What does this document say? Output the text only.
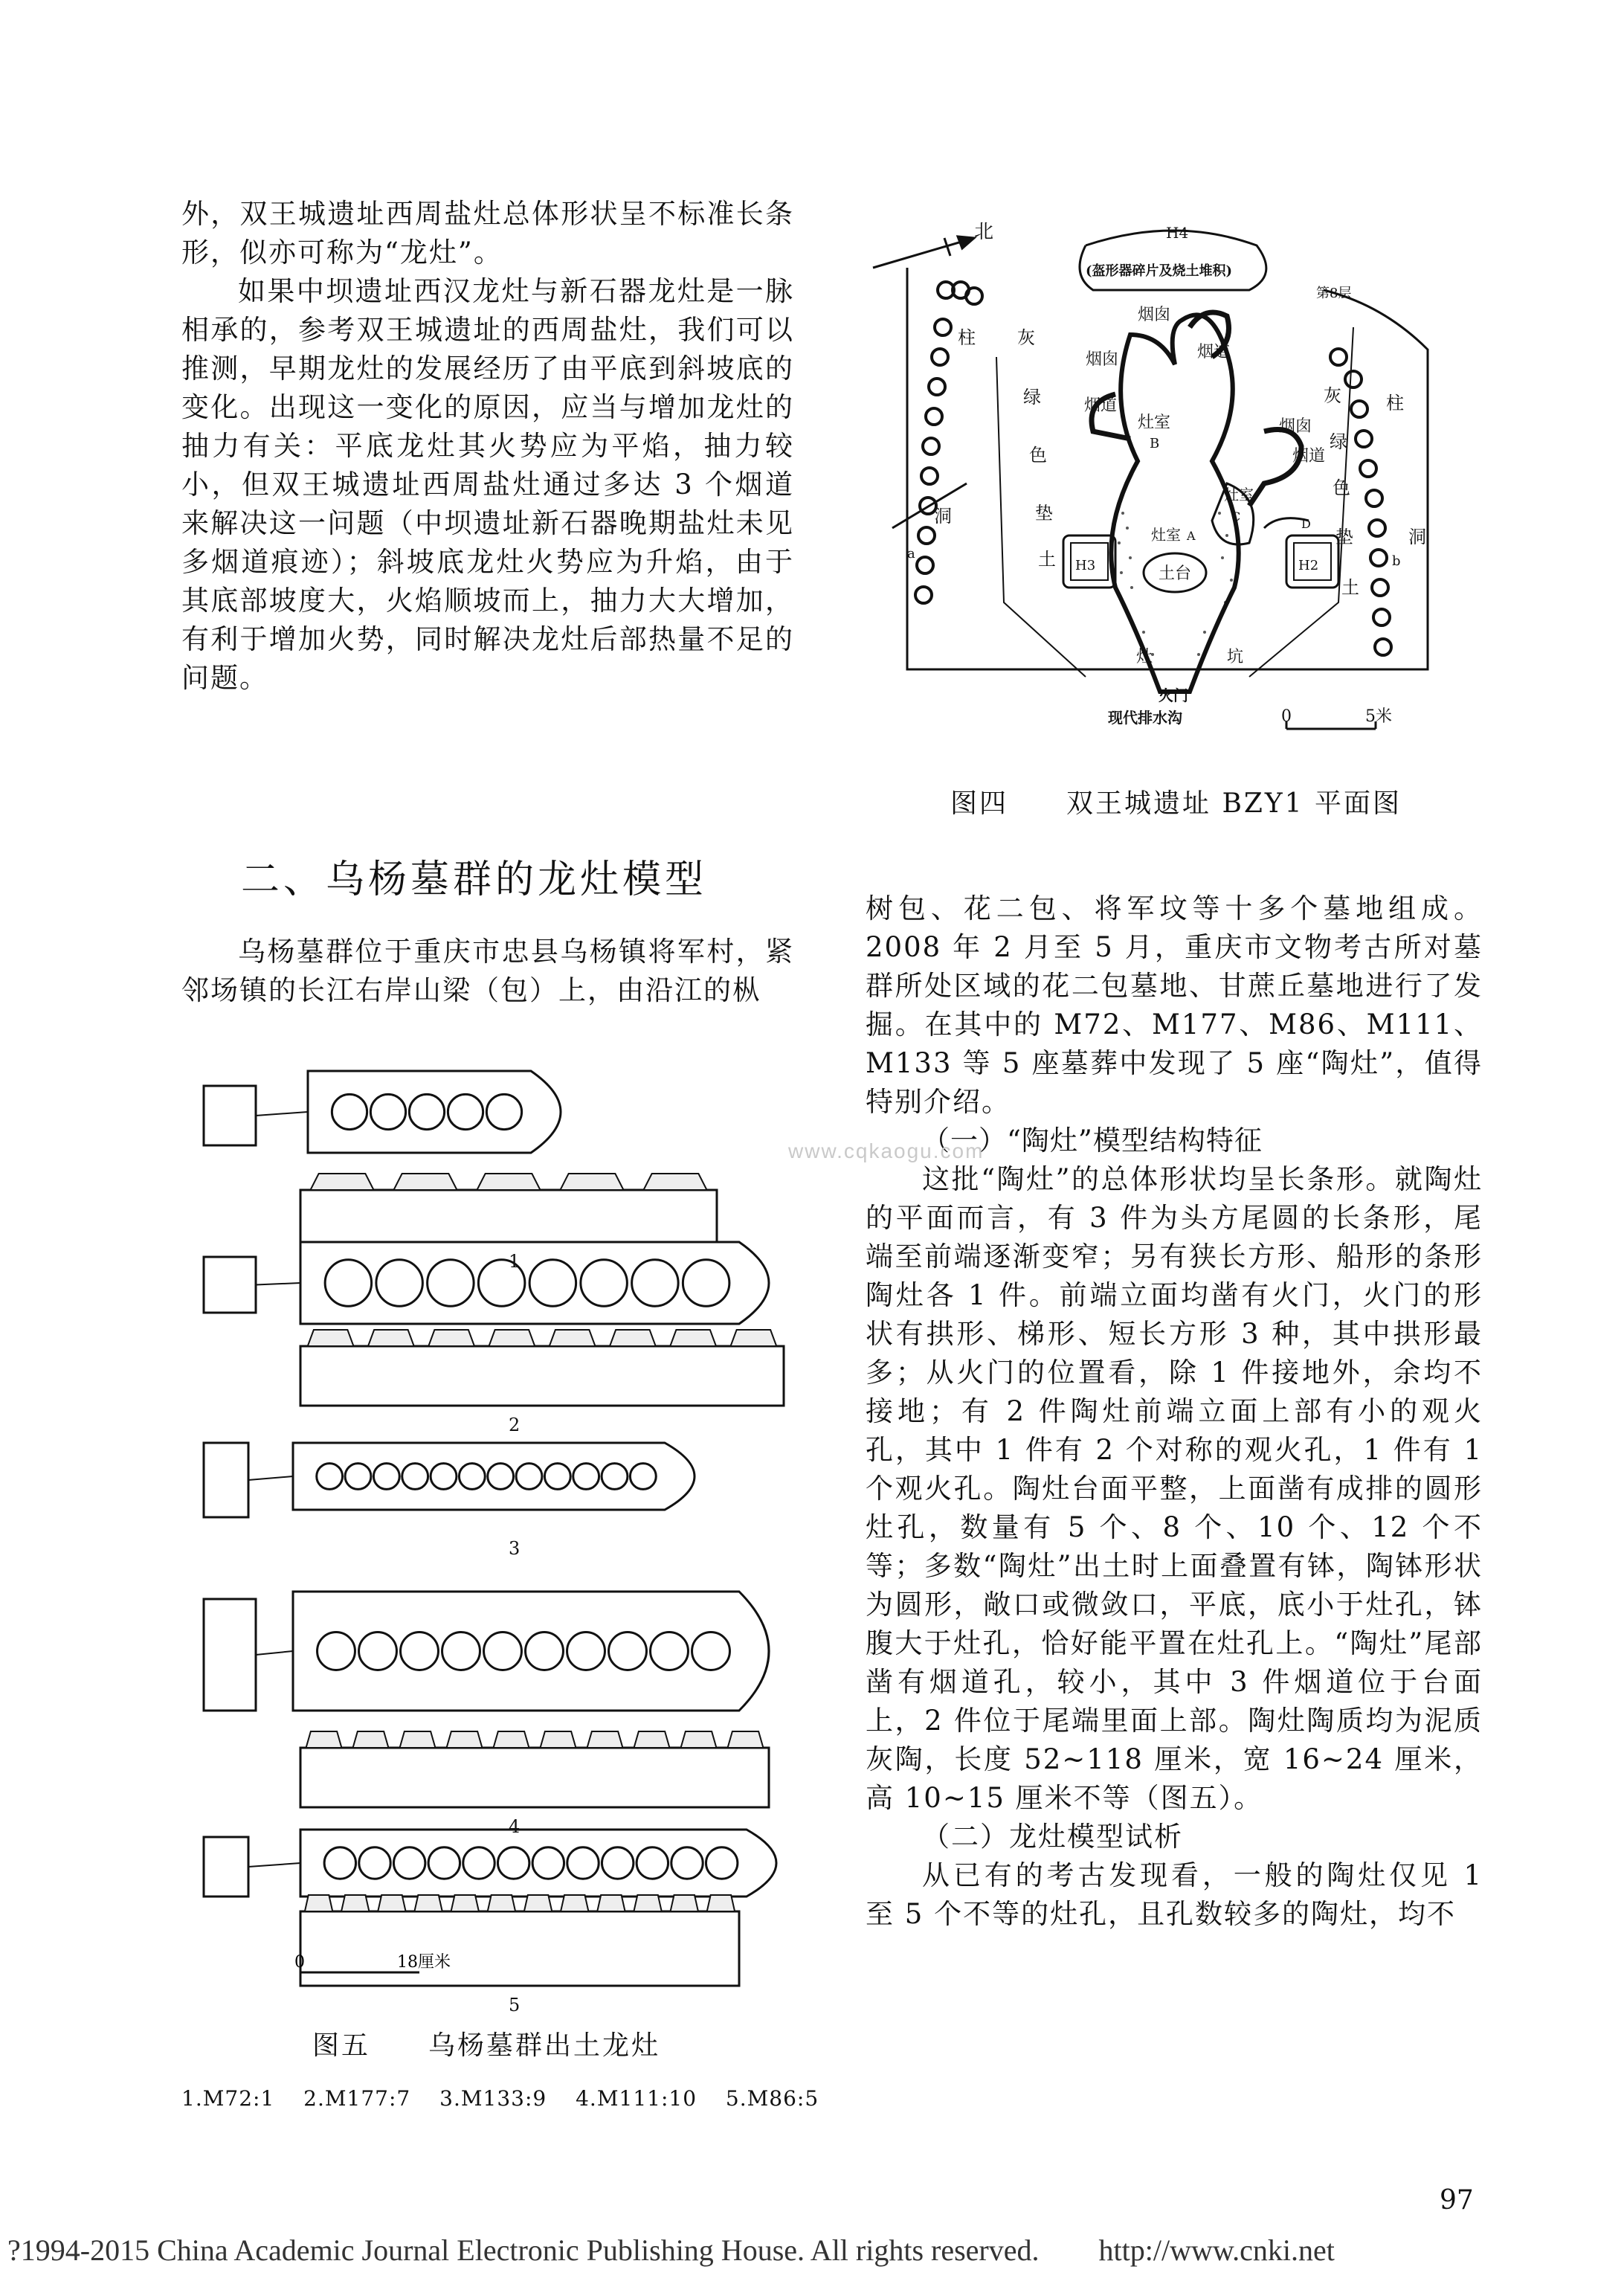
外，双王城遗址西周盐灶总体形状呈不标准长条形，似亦可称为“龙灶”。

如果中坝遗址西汉龙灶与新石器龙灶是一脉相承的，参考双王城遗址的西周盐灶，我们可以推测，早期龙灶的发展经历了由平底到斜坡底的变化。出现这一变化的原因，应当与增加龙灶的抽力有关：平底龙灶其火势应为平焰，抽力较小，但双王城遗址西周盐灶通过多达 3 个烟道来解决这一问题（中坝遗址新石器晚期盐灶未见多烟道痕迹）；斜坡底龙灶火势应为升焰，由于其底部坡度大，火焰顺坡而上，抽力大大增加，有利于增加火势，同时解决龙灶后部热量不足的问题。

二、乌杨墓群的龙灶模型

乌杨墓群位于重庆市忠县乌杨镇将军村，紧邻场镇的长江右岸山梁（包）上，由沿江的枞

北	H4
(盔形器碎片及烧土堆积)
第8层
烟囱
烟囱	烟道
烟道
灶室
B
烟囱
烟道
灶室
C
D
灶室 A
土台
H3	H2
灶	坑
火门
现代排水沟
a	b
0	5米
柱
洞
灰
绿
色
垫
土
灰
绿
色
垫
土
柱
洞
图四　　双王城遗址 BZY1 平面图

树包、花二包、将军坟等十多个墓地组成。2008 年 2 月至 5 月，重庆市文物考古所对墓群所处区域的花二包墓地、甘蔗丘墓地进行了发掘。在其中的 M72、M177、M86、M111、M133 等 5 座墓葬中发现了 5 座“陶灶”，值得特别介绍。

（一）“陶灶”模型结构特征

这批“陶灶”的总体形状均呈长条形。就陶灶的平面而言，有 3 件为头方尾圆的长条形，尾端至前端逐渐变窄；另有狭长方形、船形的条形陶灶各 1 件。前端立面均凿有火门，火门的形状有拱形、梯形、短长方形 3 种，其中拱形最多；从火门的位置看，除 1 件接地外，余均不接地；有 2 件陶灶前端立面上部有小的观火孔，其中 1 件有 2 个对称的观火孔，1 件有 1 个观火孔。陶灶台面平整，上面凿有成排的圆形灶孔，数量有 5 个、8 个、10 个、12 个不等；多数“陶灶”出土时上面叠置有钵，陶钵形状为圆形，敞口或微敛口，平底，底小于灶孔，钵腹大于灶孔，恰好能平置在灶孔上。“陶灶”尾部凿有烟道孔，较小，其中 3 件烟道位于台面上，2 件位于尾端里面上部。陶灶陶质均为泥质灰陶，长度 52~118 厘米，宽 16~24 厘米，高 10~15 厘米不等（图五）。

（二）龙灶模型试析

从已有的考古发现看，一般的陶灶仅见 1 至 5 个不等的灶孔，且孔数较多的陶灶，均不

1
2
3
4
5
0	18厘米
图五　　乌杨墓群出土龙灶
1.M72:1　 2.M177:7　 3.M133:9　 4.M111:10　 5.M86:5
www.cqkaogu.com
97
?1994-2015 China Academic Journal Electronic Publishing House. All rights reserved.　　http://www.cnki.net
